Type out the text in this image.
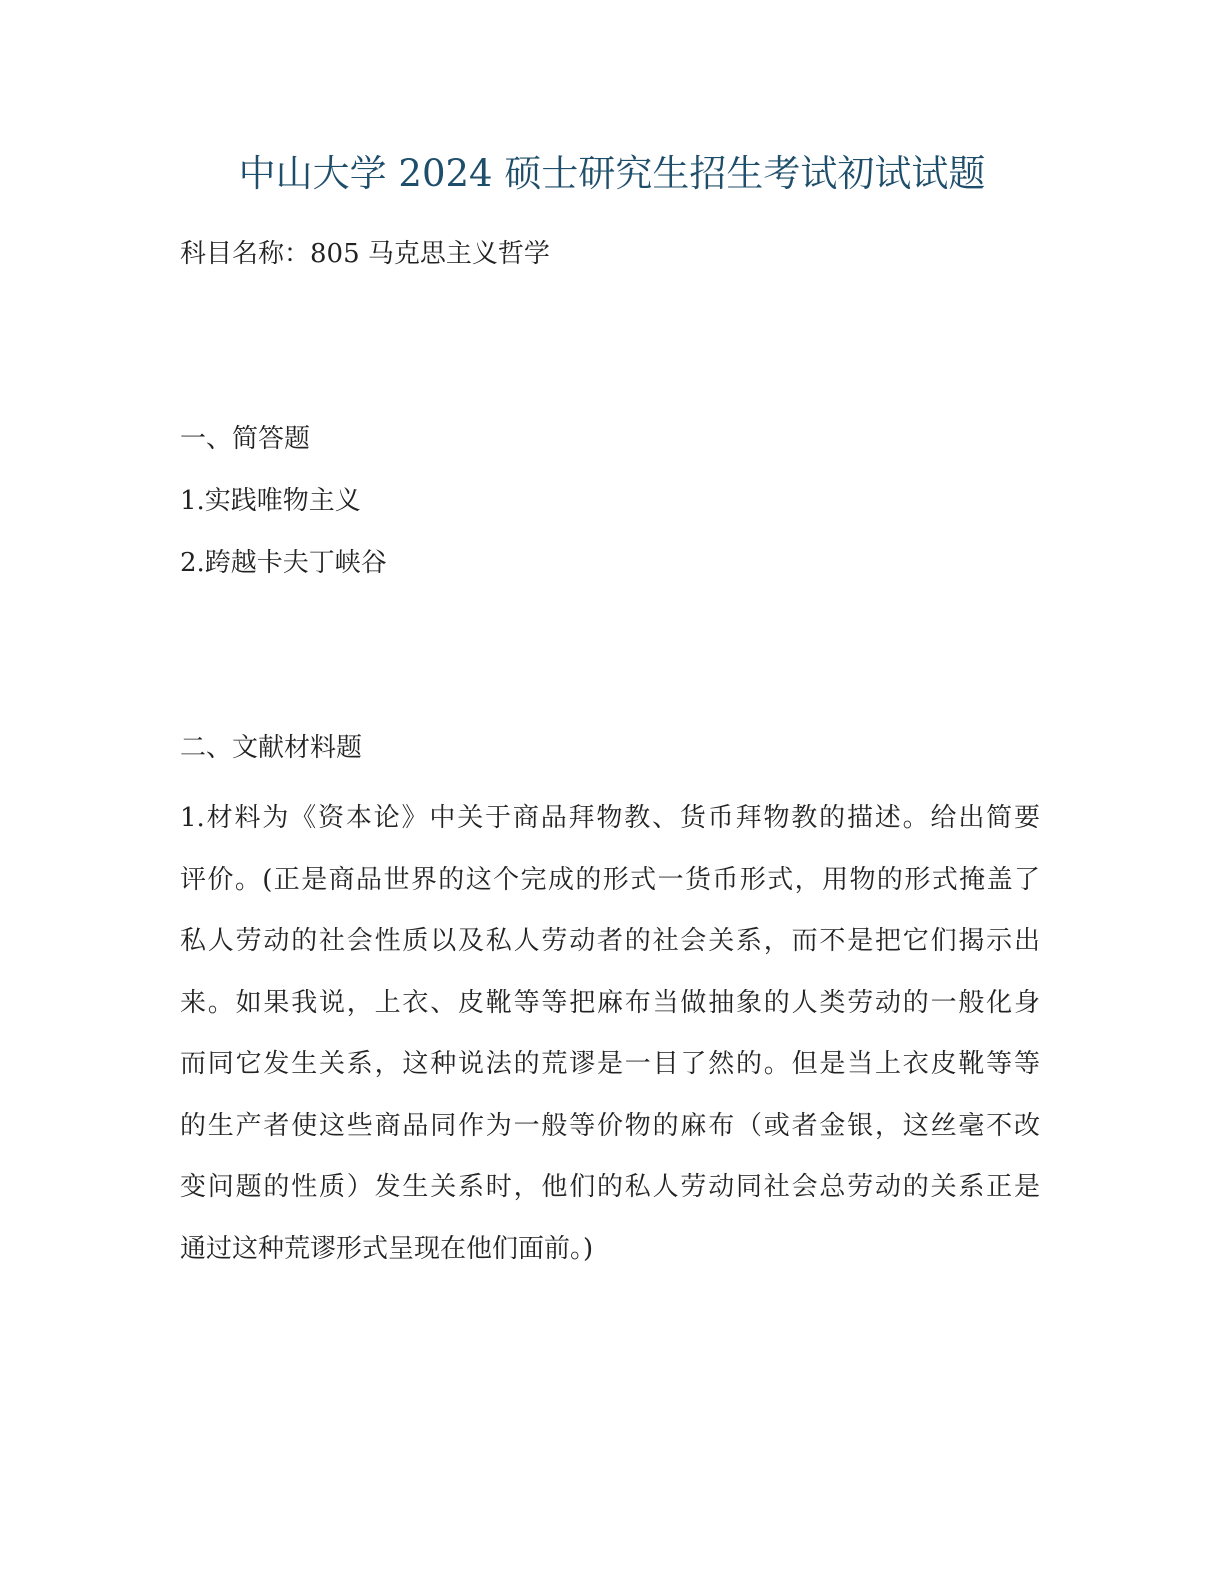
中山大学 2024 硕士研究生招生考试初试试题
科目名称：805 马克思主义哲学
一、简答题
1.实践唯物主义
2.跨越卡夫丁峡谷
二、文献材料题
1.材料为《资本论》中关于商品拜物教、货币拜物教的描述。给出简要
评价。(正是商品世界的这个完成的形式一货币形式，用物的形式掩盖了
私人劳动的社会性质以及私人劳动者的社会关系，而不是把它们揭示出
来。如果我说，上衣、皮靴等等把麻布当做抽象的人类劳动的一般化身
而同它发生关系，这种说法的荒谬是一目了然的。但是当上衣皮靴等等
的生产者使这些商品同作为一般等价物的麻布（或者金银，这丝毫不改
变问题的性质）发生关系时，他们的私人劳动同社会总劳动的关系正是
通过这种荒谬形式呈现在他们面前。)
